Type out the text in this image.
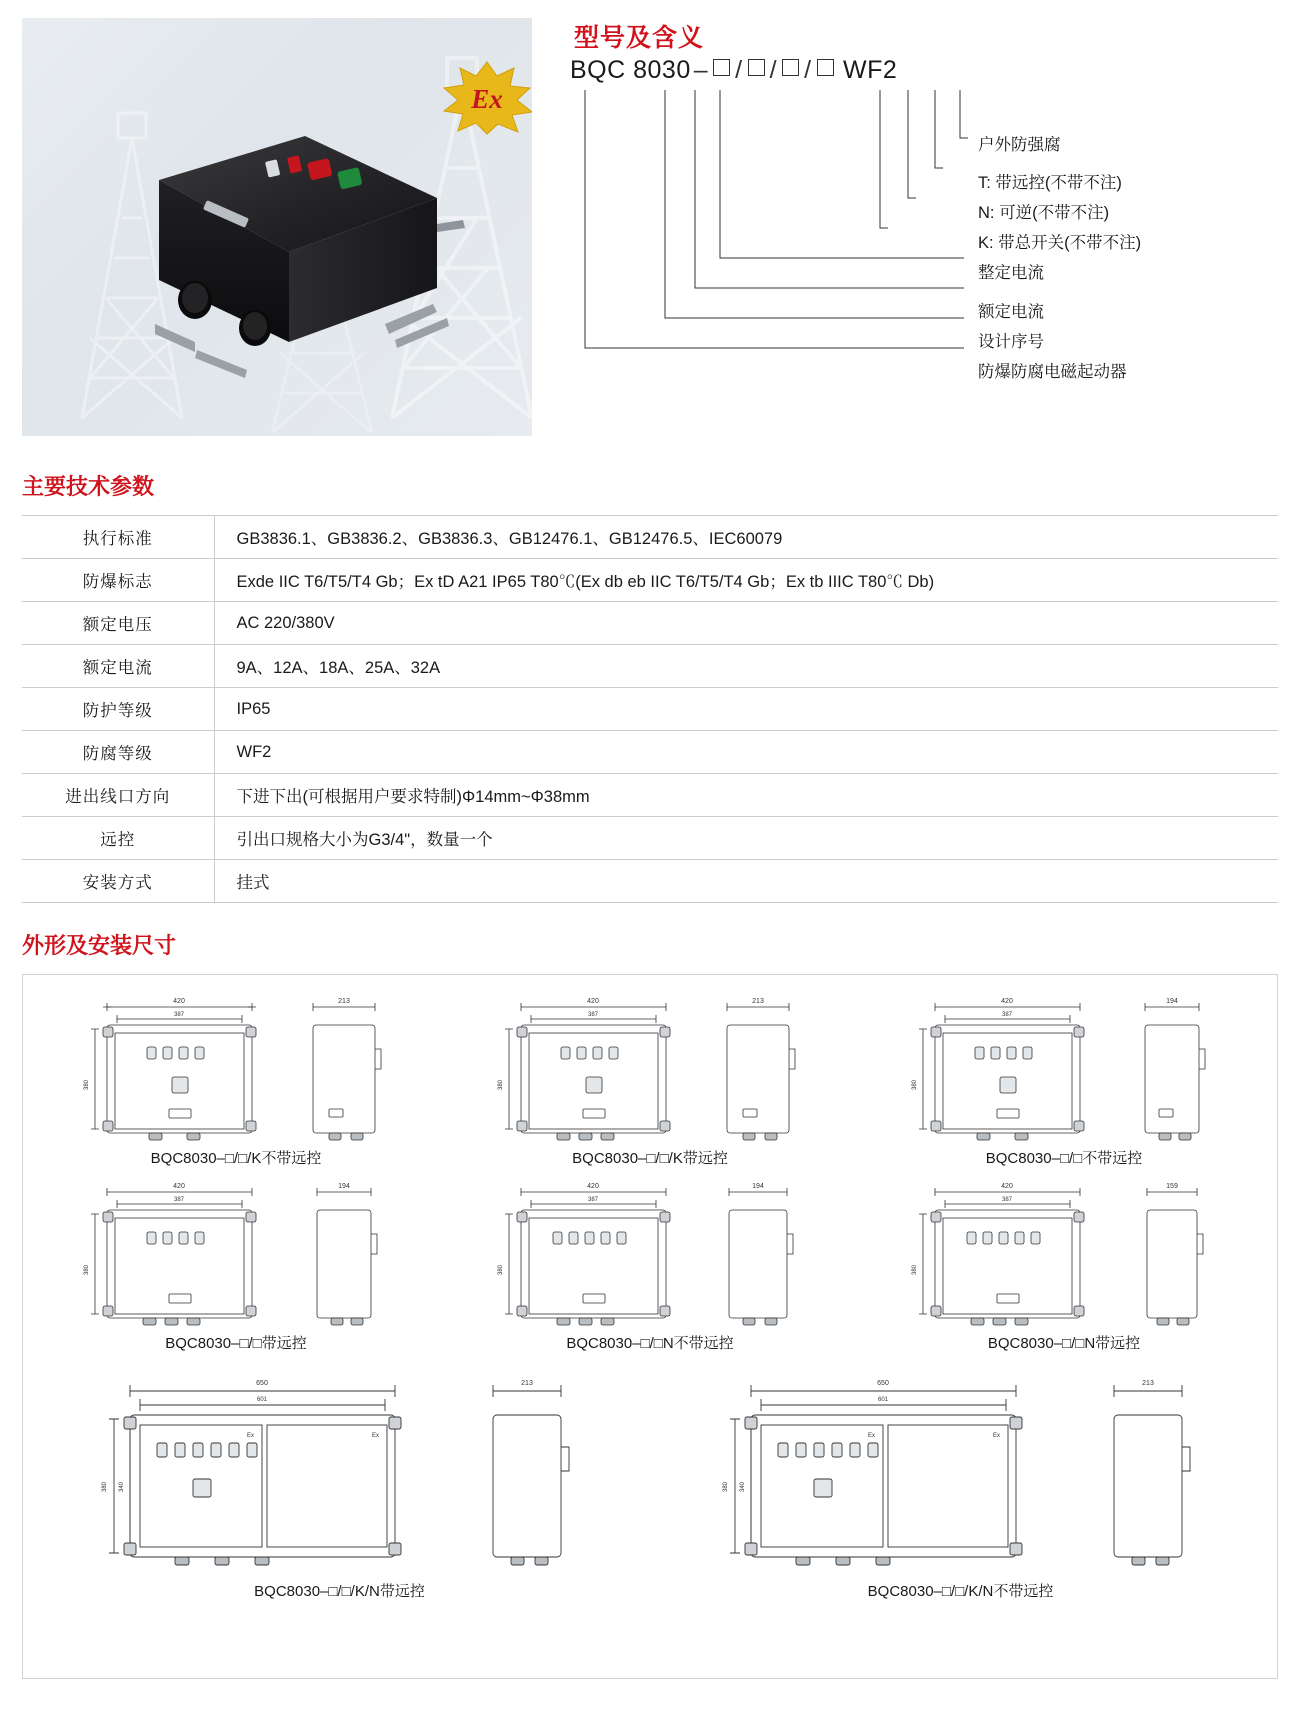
Ex
型号及含义
BQC 8030 – / / / WF2
户外防强腐
T: 带远控(不带不注)
N: 可逆(不带不注)
K: 带总开关(不带不注)
整定电流
额定电流
设计序号
防爆防腐电磁起动器
主要技术参数
执行标准	GB3836.1、GB3836.2、GB3836.3、GB12476.1、GB12476.5、IEC60079
防爆标志	Exde IIC T6/T5/T4 Gb；Ex tD A21 IP65 T80℃(Ex db eb IIC T6/T5/T4 Gb；Ex tb IIIC T80℃ Db)
额定电压	AC 220/380V
额定电流	9A、12A、18A、25A、32A
防护等级	IP65
防腐等级	WF2
进出线口方向	下进下出(可根据用户要求特制)Φ14mm~Φ38mm
远控	引出口规格大小为G3/4"，数量一个
安装方式	挂式
外形及安装尺寸
420
387
380
213
BQC8030–□/□/K不带远控
420
387
380
213
BQC8030–□/□/K带远控
420
387
380
194
BQC8030–□/□不带远控
420
387
380
194
BQC8030–□/□带远控
420
387
380
194
BQC8030–□/□N不带远控
420
387
380
159
BQC8030–□/□N带远控
650
601
380 340
Ex	Ex
213
BQC8030–□/□/K/N带远控
650
601
380 340
Ex	Ex
213
BQC8030–□/□/K/N不带远控
